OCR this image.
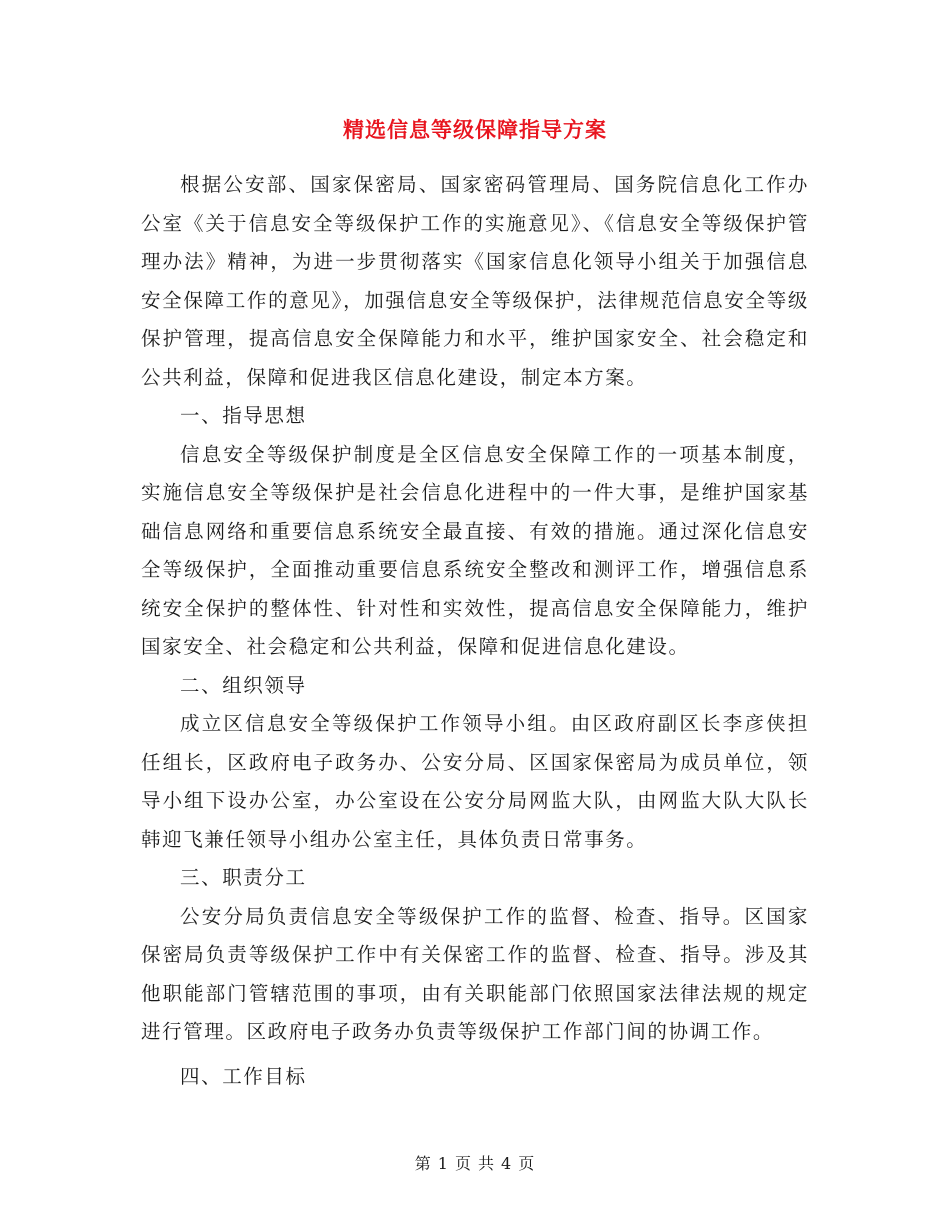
精选信息等级保障指导方案

根据公安部、国家保密局、国家密码管理局、国务院信息化工作办公室《关于信息安全等级保护工作的实施意见》、《信息安全等级保护管理办法》精神，为进一步贯彻落实《国家信息化领导小组关于加强信息安全保障工作的意见》，加强信息安全等级保护，法律规范信息安全等级保护管理，提高信息安全保障能力和水平，维护国家安全、社会稳定和公共利益，保障和促进我区信息化建设，制定本方案。

一、指导思想

信息安全等级保护制度是全区信息安全保障工作的一项基本制度，实施信息安全等级保护是社会信息化进程中的一件大事，是维护国家基础信息网络和重要信息系统安全最直接、有效的措施。通过深化信息安全等级保护，全面推动重要信息系统安全整改和测评工作，增强信息系统安全保护的整体性、针对性和实效性，提高信息安全保障能力，维护国家安全、社会稳定和公共利益，保障和促进信息化建设。

二、组织领导

成立区信息安全等级保护工作领导小组。由区政府副区长李彦侠担任组长，区政府电子政务办、公安分局、区国家保密局为成员单位，领导小组下设办公室，办公室设在公安分局网监大队，由网监大队大队长韩迎飞兼任领导小组办公室主任，具体负责日常事务。

三、职责分工

公安分局负责信息安全等级保护工作的监督、检查、指导。区国家保密局负责等级保护工作中有关保密工作的监督、检查、指导。涉及其他职能部门管辖范围的事项，由有关职能部门依照国家法律法规的规定进行管理。区政府电子政务办负责等级保护工作部门间的协调工作。

四、工作目标

第 1 页 共 4 页
